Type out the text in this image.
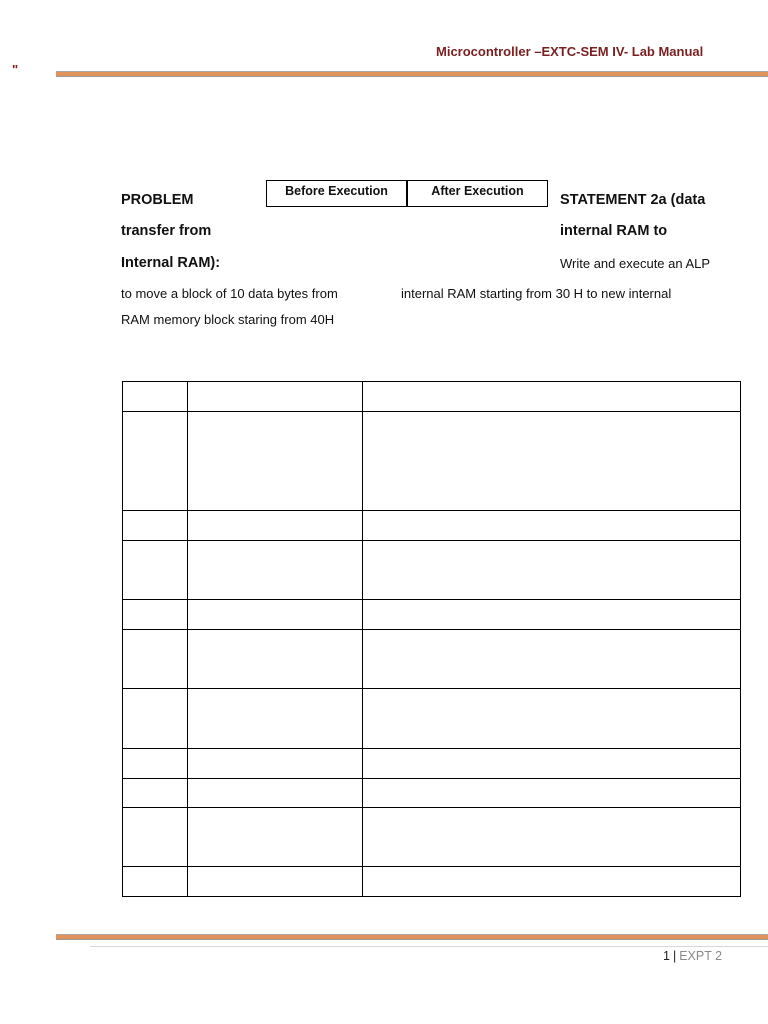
"
Microcontroller –EXTC-SEM IV- Lab Manual
Before Execution	After Execution
PROBLEM
transfer from
Internal RAM):
STATEMENT 2a (data
internal RAM to
Write and execute an ALP
to move a block of 10 data bytes from	internal RAM starting from 30 H to new internal
RAM memory block staring from 40H

1 | EXPT 2
